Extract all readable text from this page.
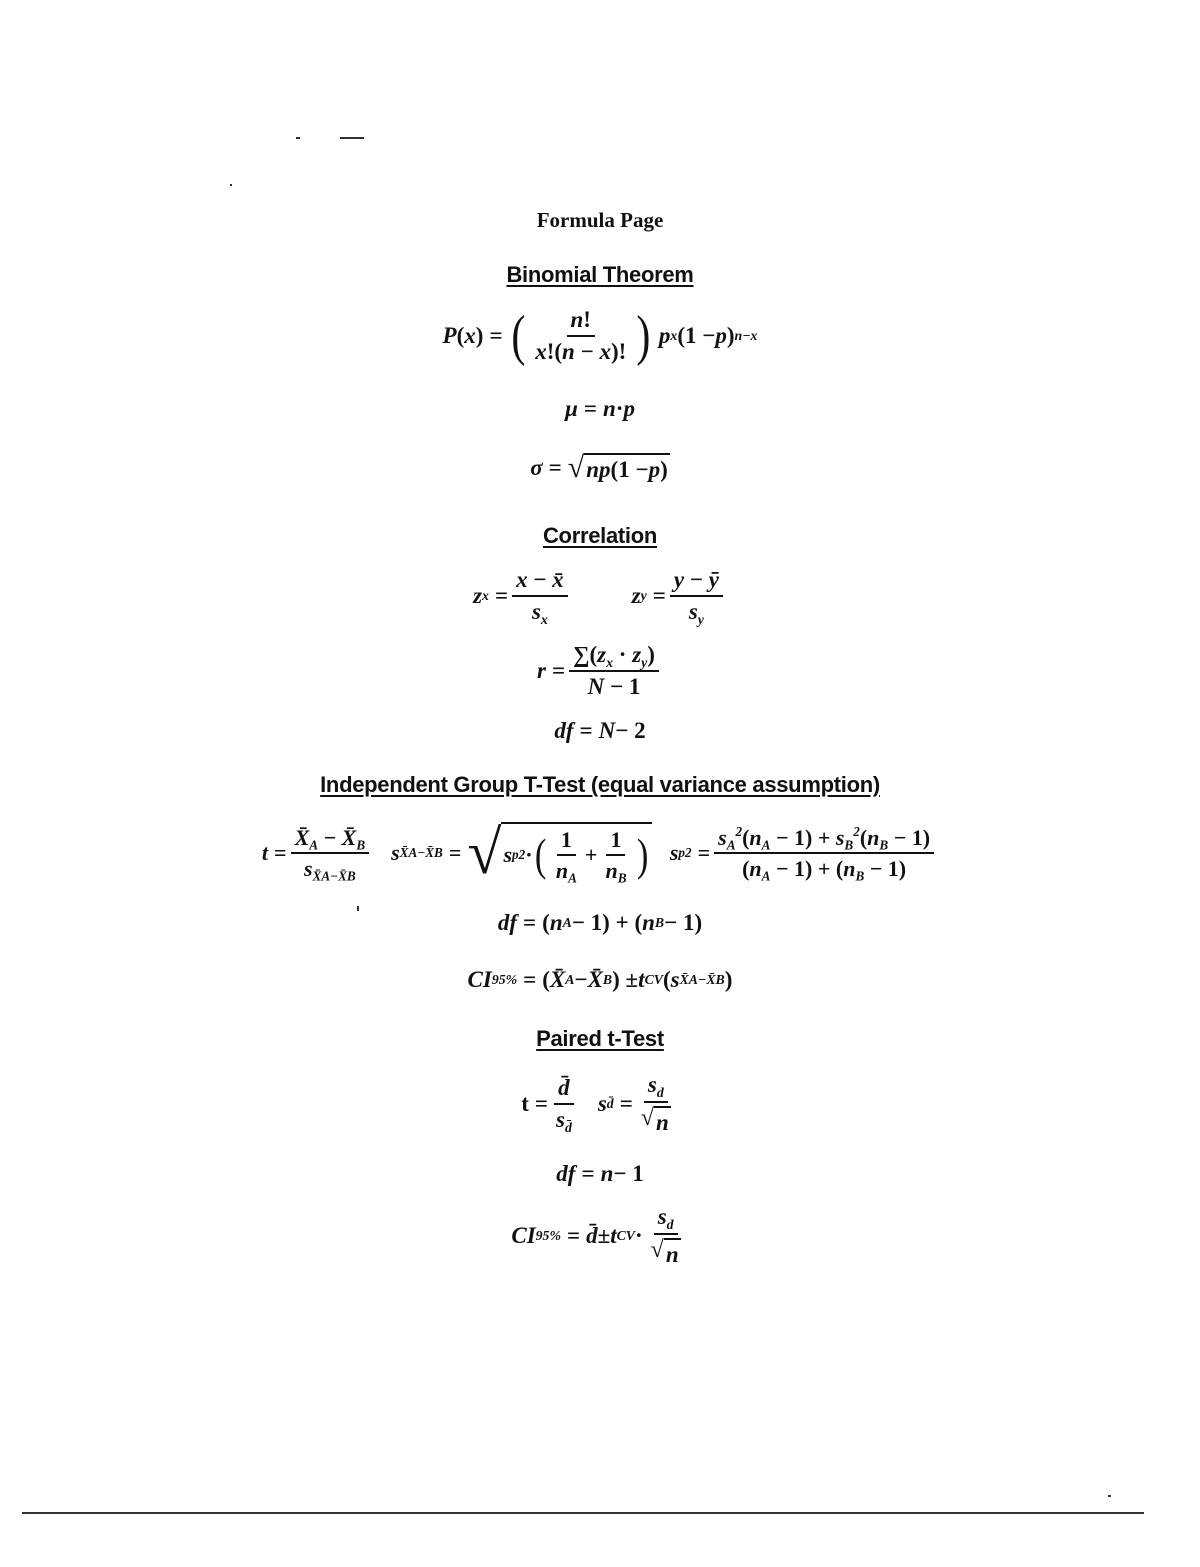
Formula Page
Binomial Theorem
P ( x ) = ( $\frac{n!}{x!(n - x)!}$ ) p x (1 − p ) n−x
μ = n · p
σ = √ np (1 − p )
Correlation
z $x = \frac{x - x̄}{s_x}$	z $y = \frac{y - ȳ}{s_y}$
$r = \frac{\sum(z_x \cdot z_y)}{N - 1}$
df = N − 2
Independent Group T-Test (equal variance assumption)
$t = \frac{X̄_A - X̄_B}{s_{X̄A-X̄B}}$ s X̄A−X̄B = √ s p 2 · ( $\frac{1}{n_A} + \frac{1}{n_B}$ ) s p $2 = \frac{s_A^2(n_A - 1) + s_B^2(n_B - 1)}{(n_A - 1) + (n_B - 1)}$
df = ( n A − 1) + ( n B − 1)
CI 95% = ( X̄ A − X̄ B ) ± t CV ( s X̄A−X̄B )
Paired t-Test
$t = \frac{d̄}{s_{d̄}}$ s d̄ = $\frac{s_d}{√ n}$
df = n − 1
CI 95% = d̄ ± t CV · $\frac{s_d}{√ n}$
